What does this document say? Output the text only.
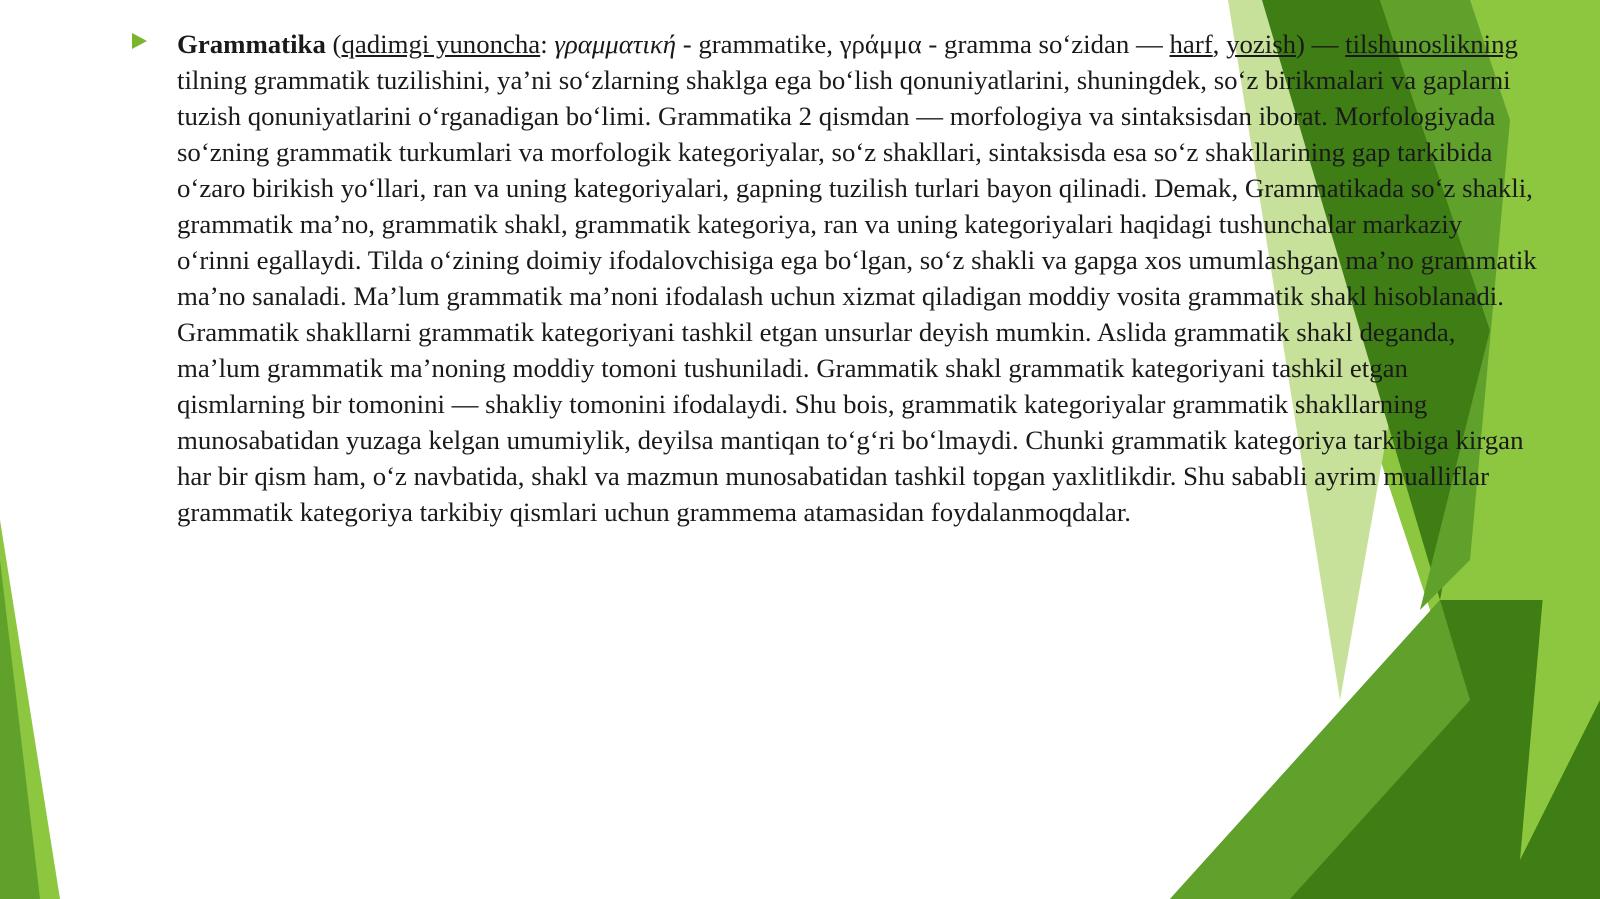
Grammatika (qadimgi yunoncha: γραμματική - grammatike, γράμμα - gramma so‘zidan — harf, yozish) — tilshunoslikning tilning grammatik tuzilishini, ya’ni so‘zlarning shaklga ega bo‘lish qonuniyatlarini, shuningdek, so‘z birikmalari va gaplarni tuzish qonuniyatlarini o‘rganadigan bo‘limi. Grammatika 2 qismdan — morfologiya va sintaksisdan iborat. Morfologiyada so‘zning grammatik turkumlari va morfologik kategoriyalar, so‘z shakllari, sintaksisda esa so‘z shakllarining gap tarkibida o‘zaro birikish yo‘llari, ran va uning kategoriyalari, gapning tuzilish turlari bayon qilinadi. Demak, Grammatikada so‘z shakli, grammatik ma’no, grammatik shakl, grammatik kategoriya, ran va uning kategoriyalari haqidagi tushunchalar markaziy o‘rinni egallaydi. Tilda o‘zining doimiy ifodalovchisiga ega bo‘lgan, so‘z shakli va gapga xos umumlashgan ma’no grammatik ma’no sanaladi. Ma’lum grammatik ma’noni ifodalash uchun xizmat qiladigan moddiy vosita grammatik shakl hisoblanadi. Grammatik shakllarni grammatik kategoriyani tashkil etgan unsurlar deyish mumkin. Aslida grammatik shakl deganda, ma’lum grammatik ma’noning moddiy tomoni tushuniladi. Grammatik shakl grammatik kategoriyani tashkil etgan qismlarning bir tomonini — shakliy tomonini ifodalaydi. Shu bois, grammatik kategoriyalar grammatik shakllarning munosabatidan yuzaga kelgan umumiylik, deyilsa mantiqan to‘g‘ri bo‘lmaydi. Chunki grammatik kategoriya tarkibiga kirgan har bir qism ham, o‘z navbatida, shakl va mazmun munosabatidan tashkil topgan yaxlitlikdir. Shu sababli ayrim mualliflar grammatik kategoriya tarkibiy qismlari uchun grammema atamasidan foydalanmoqdalar.
